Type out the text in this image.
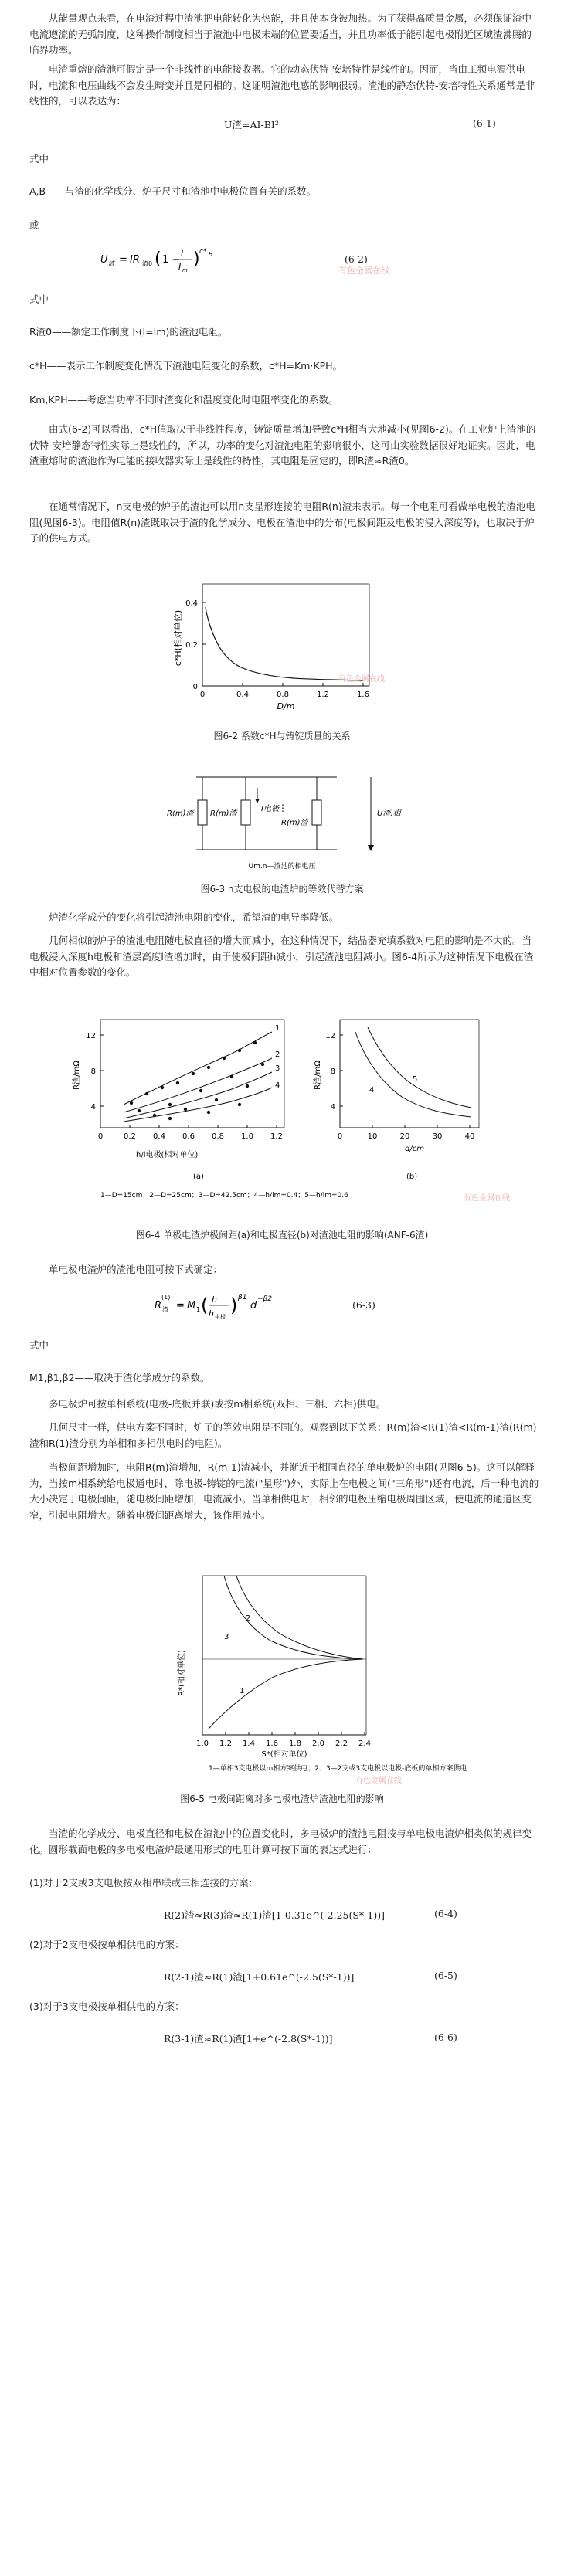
从能量观点来看，在电渣过程中渣池把电能转化为热能，并且使本身被加热。为了获得高质量金属，必须保证渣中电流遵流的无弧制度，这种操作制度相当于渣池中电极末端的位置要适当，并且功率低于能引起电极附近区域渣沸腾的临界功率。

电渣重熔的渣池可假定是一个非线性的电能接收器。它的动态伏特-安培特性是线性的。因而，当由工频电源供电时，电流和电压曲线不会发生畸变并且是同相的。这证明渣池电感的影响很弱。渣池的静态伏特-安培特性关系通常是非线性的，可以表达为：

U渣=AI-BI²	(6-1)

式中

A,B——与渣的化学成分、炉子尺寸和渣池中电极位置有关的系数。

或

U 渣 = IR 渣0 ( 1 −
I
I m
) c* H	(6-2)
有色金属在线

式中

R渣0——额定工作制度下(I=Im)的渣池电阻。

c*H——表示工作制度变化情况下渣池电阻变化的系数，c*H=Km·KPH。

Km,KPH——考虑当功率不同时渣变化和温度变化时电阻率变化的系数。

由式(6-2)可以看出，c*H值取决于非线性程度，铸锭质量增加导致c*H相当大地减小(见图6-2)。在工业炉上渣池的伏特-安培静态特性实际上是线性的，所以，功率的变化对渣池电阻的影响很小，这可由实验数据很好地证实。因此，电渣重熔时的渣池作为电能的接收器实际上是线性的特性，其电阻是固定的，即R渣≈R渣0。

在通常情况下，n支电极的炉子的渣池可以用n支星形连接的电阻R(n)渣来表示。每一个电阻可看做单电极的渣池电阻(见图6-3)。电阻值R(n)渣既取决于渣的化学成分、电极在渣池中的分布(电极间距及电极的浸入深度等)，也取决于炉子的供电方式。

0.4
0.2
0
0	0.4	0.8	1.2	1.6
c*H(相对单位)
D/m
有色金属在线
图6-2 系数c*H与铸锭质量的关系
⋮
R(m)渣 R(m)渣
R(m)渣
I电极
U渣,相
Um.n—渣池的相电压
图6-3 n支电极的电渣炉的等效代替方案

炉渣化学成分的变化将引起渣池电阻的变化，希望渣的电导率降低。

几何相似的炉子的渣池电阻随电极直径的增大而减小，在这种情况下，结晶器充填系数对电阻的影响是不大的。当电极浸入深度h电极和渣层高度l渣增加时，由于使极间距h减小，引起渣池电阻减小。图6-4所示为这种情况下电极在渣中相对位置参数的变化。

12
8
4
0	0.2 0.4 0.6 0.8 1.0 1.2
R渣/mΩ
h/l电极(相对单位)
(a)
1
2
3
4
12
8
4
0	10	20	30	40
R渣/mΩ
d/cm
(b)
5
4
1—D=15cm；2—D=25cm；3—D=42.5cm；4—h/lm=0.4；5—h/lm=0.6	有色金属在线
图6-4 单极电渣炉极间距(a)和电极直径(b)对渣池电阻的影响(ANF-6渣)

单电极电渣炉的渣池电阻可按下式确定：

R 渣
(1)
= M 1 ( h
h 电极
) β1
d
−β2	(6-3)

式中

M1,β1,β2——取决于渣化学成分的系数。

多电极炉可按单相系统(电极-底板并联)或按m相系统(双相、三相、六相)供电。

几何尺寸一样，供电方案不同时，炉子的等效电阻是不同的。观察到以下关系：R(m)渣<R(1)渣<R(m-1)渣(R(m)渣和R(1)渣分别为单相和多相供电时的电阻)。

当极间距增加时，电阻R(m)渣增加，R(m-1)渣减小，并渐近于相同直径的单电极炉的电阻(见图6-5)。这可以解释为，当按m相系统给电极通电时，除电极-铸锭的电流("星形")外，实际上在电极之间("三角形")还有电流，后一种电流的大小决定于电极间距，随电极间距增加，电流减小。当单相供电时，相邻的电极压缩电极周围区域，使电流的通道区变窄，引起电阻增大。随着电极间距离增大，该作用减小。

1.0 1.2 1.4 1.6 1.8 2.0 2.2 2.4
R*(相对单位)
S*(相对单位)
3
2
1
1—单相3支电极以m相方案供电；2、3—2支或3支电极以电极-底板的单相方案供电
有色金属在线
图6-5 电极间距离对多电极电渣炉渣池电阻的影响

当渣的化学成分、电极直径和电极在渣池中的位置变化时，多电极炉的渣池电阻按与单电极电渣炉相类似的规律变化。圆形截面电极的多电极电渣炉最通用形式的电阻计算可按下面的表达式进行：

(1)对于2支或3支电极按双相串联或三相连接的方案：

R(2)渣≈R(3)渣≈R(1)渣[1-0.31e^(-2.25(S*-1))]	(6-4)

(2)对于2支电极按单相供电的方案：

R(2-1)渣≈R(1)渣[1+0.61e^(-2.5(S*-1))]	(6-5)

(3)对于3支电极按单相供电的方案：

R(3-1)渣≈R(1)渣[1+e^(-2.8(S*-1))]	(6-6)
